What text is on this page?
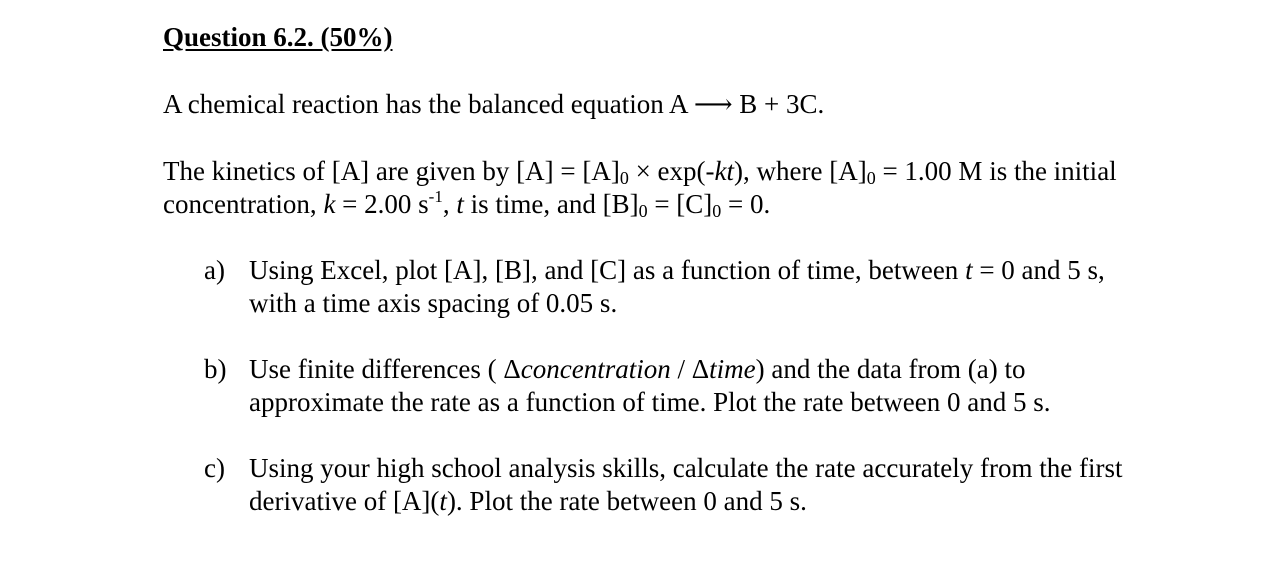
Question 6.2. (50%)
A chemical reaction has the balanced equation A ⟶ B + 3C.
The kinetics of [A] are given by $[A] = [A]_0 \times \exp(-kt)$, where $[A]_0 = 1.00$ M is the initial
concentration, k = 2.00 $s^{-1}$, t is time, and $[B]_0 = [C]_0 = 0$.
a) Using Excel, plot [A], [B], and [C] as a function of time, between t = 0 and 5 s,
with a time axis spacing of 0.05 s.
b) Use finite differences ( Δconcentration / Δtime) and the data from (a) to
approximate the rate as a function of time. Plot the rate between 0 and 5 s.
c) Using your high school analysis skills, calculate the rate accurately from the first
derivative of [A](t). Plot the rate between 0 and 5 s.
